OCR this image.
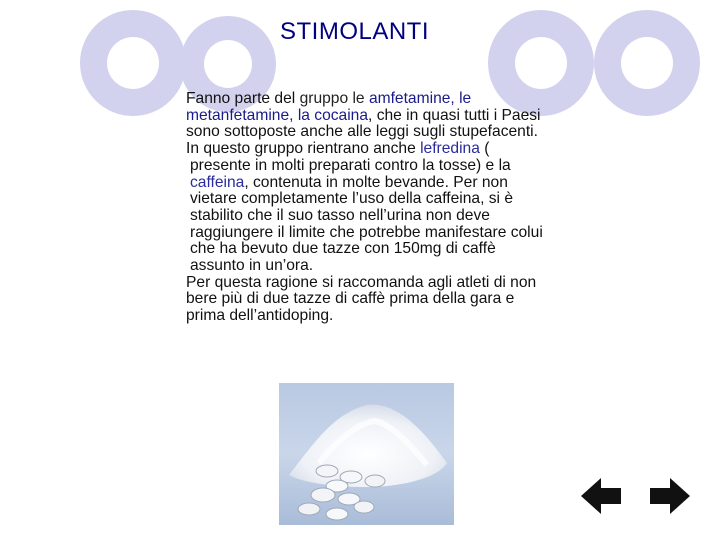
STIMOLANTI

Fanno parte del gruppo le amfetamine, le metanfetamine, la cocaina, che in quasi tutti i Paesi sono sottoposte anche alle leggi sugli stupefacenti.

In questo gruppo rientrano anche lefredina ( presente in molti preparati contro la tosse) e la caffeina, contenuta in molte bevande. Per non vietare completamente l’uso della caffeina, si è stabilito che il suo tasso nell’urina non deve raggiungere il limite che potrebbe manifestare colui che ha bevuto due tazze con 150mg di caffè assunto in un’ora.

Per questa ragione si raccomanda agli atleti di non bere più di due tazze di caffè prima della gara e prima dell’antidoping.
